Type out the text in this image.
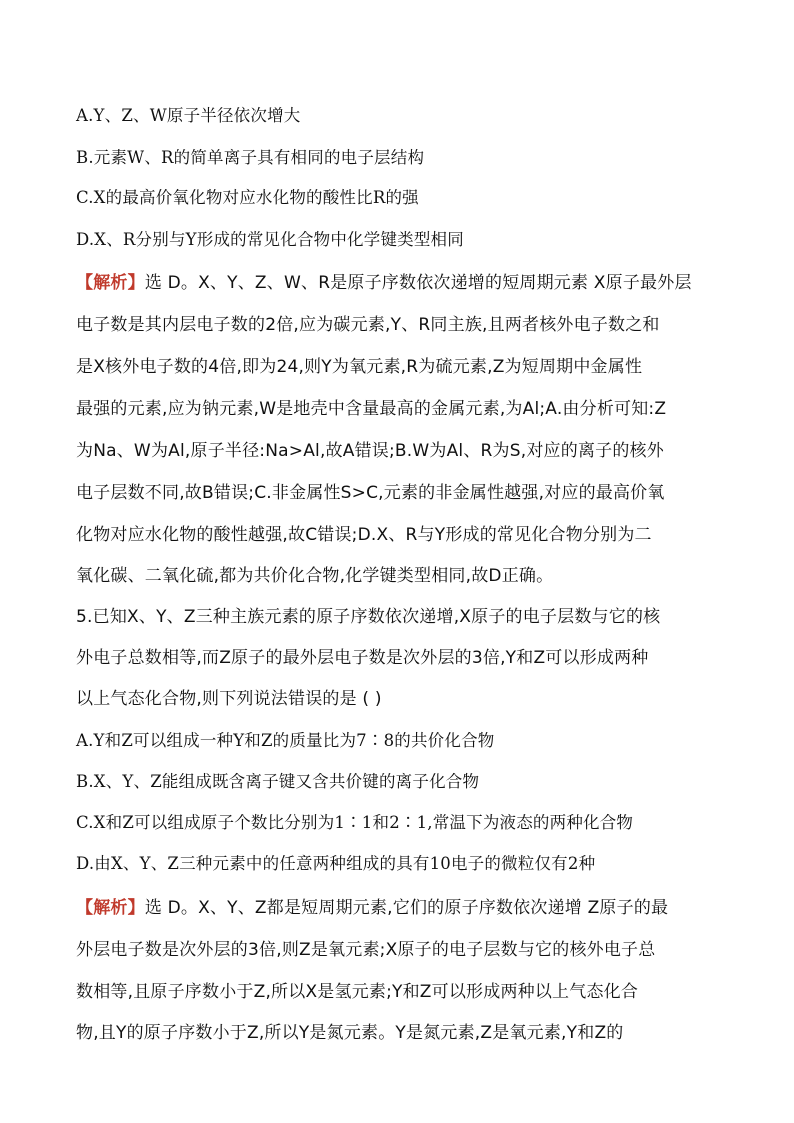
A.Y、Z、W原子半径依次增大
B.元素W、R的简单离子具有相同的电子层结构
C.X的最高价氧化物对应水化物的酸性比R的强
D.X、R分别与Y形成的常见化合物中化学键类型相同
【解析】选 D。X、Y、Z、W、R是原子序数依次递增的短周期元素 X原子最外层
电子数是其内层电子数的2倍,应为碳元素,Y、R同主族,且两者核外电子数之和
是X核外电子数的4倍,即为24,则Y为氧元素,R为硫元素,Z为短周期中金属性
最强的元素,应为钠元素,W是地壳中含量最高的金属元素,为Al;A.由分析可知:Z
为Na、W为Al,原子半径:Na>Al,故A错误;B.W为Al、R为S,对应的离子的核外
电子层数不同,故B错误;C.非金属性S>C,元素的非金属性越强,对应的最高价氧
化物对应水化物的酸性越强,故C错误;D.X、R与Y形成的常见化合物分别为二
氧化碳、二氧化硫,都为共价化合物,化学键类型相同,故D正确。
5.已知X、Y、Z三种主族元素的原子序数依次递增,X原子的电子层数与它的核
外电子总数相等,而Z原子的最外层电子数是次外层的3倍,Y和Z可以形成两种
以上气态化合物,则下列说法错误的是 ( )
A.Y和Z可以组成一种Y和Z的质量比为7∶8的共价化合物
B.X、Y、Z能组成既含离子键又含共价键的离子化合物
C.X和Z可以组成原子个数比分别为1∶1和2∶1,常温下为液态的两种化合物
D.由X、Y、Z三种元素中的任意两种组成的具有10电子的微粒仅有2种
【解析】选 D。X、Y、Z都是短周期元素,它们的原子序数依次递增 Z原子的最
外层电子数是次外层的3倍,则Z是氧元素;X原子的电子层数与它的核外电子总
数相等,且原子序数小于Z,所以X是氢元素;Y和Z可以形成两种以上气态化合
物,且Y的原子序数小于Z,所以Y是氮元素。Y是氮元素,Z是氧元素,Y和Z的
